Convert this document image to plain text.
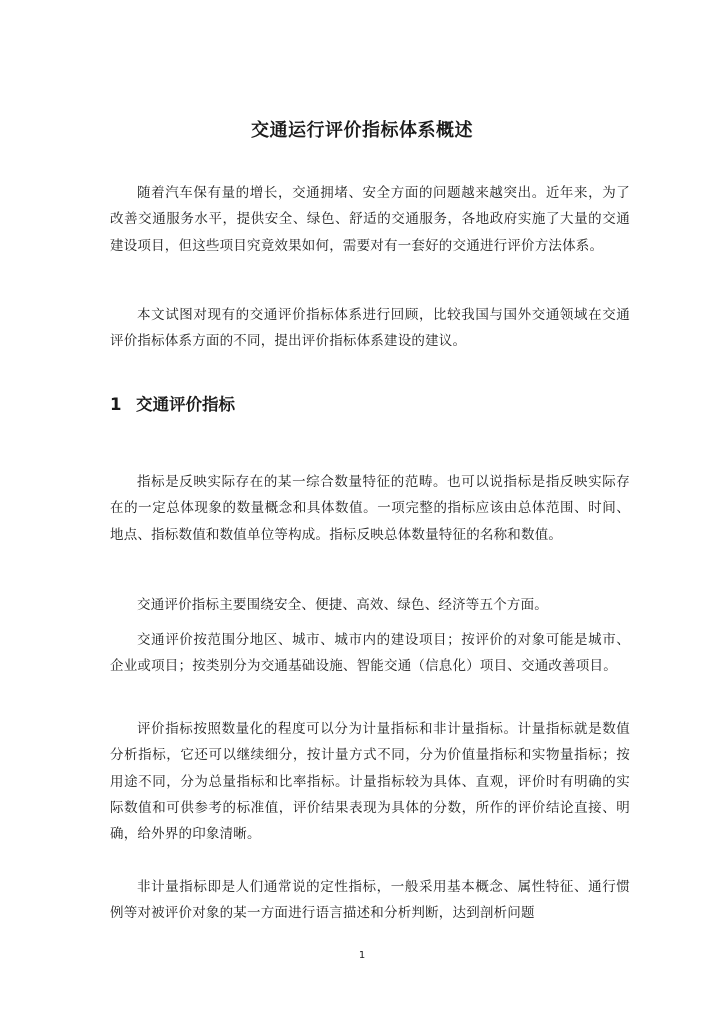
交通运行评价指标体系概述

随着汽车保有量的增长，交通拥堵、安全方面的问题越来越突出。近年来，为了改善交通服务水平，提供安全、绿色、舒适的交通服务，各地政府实施了大量的交通建设项目，但这些项目究竟效果如何，需要对有一套好的交通进行评价方法体系。

本文试图对现有的交通评价指标体系进行回顾，比较我国与国外交通领域在交通评价指标体系方面的不同，提出评价指标体系建设的建议。

1 交通评价指标

指标是反映实际存在的某一综合数量特征的范畴。也可以说指标是指反映实际存在的一定总体现象的数量概念和具体数值。一项完整的指标应该由总体范围、时间、地点、指标数值和数值单位等构成。指标反映总体数量特征的名称和数值。

交通评价指标主要围绕安全、便捷、高效、绿色、经济等五个方面。

交通评价按范围分地区、城市、城市内的建设项目；按评价的对象可能是城市、企业或项目；按类别分为交通基础设施、智能交通（信息化）项目、交通改善项目。

评价指标按照数量化的程度可以分为计量指标和非计量指标。计量指标就是数值分析指标，它还可以继续细分，按计量方式不同，分为价值量指标和实物量指标；按用途不同，分为总量指标和比率指标。计量指标较为具体、直观，评价时有明确的实际数值和可供参考的标准值，评价结果表现为具体的分数，所作的评价结论直接、明确，给外界的印象清晰。

非计量指标即是人们通常说的定性指标，一般采用基本概念、属性特征、通行惯例等对被评价对象的某一方面进行语言描述和分析判断，达到剖析问题

1
